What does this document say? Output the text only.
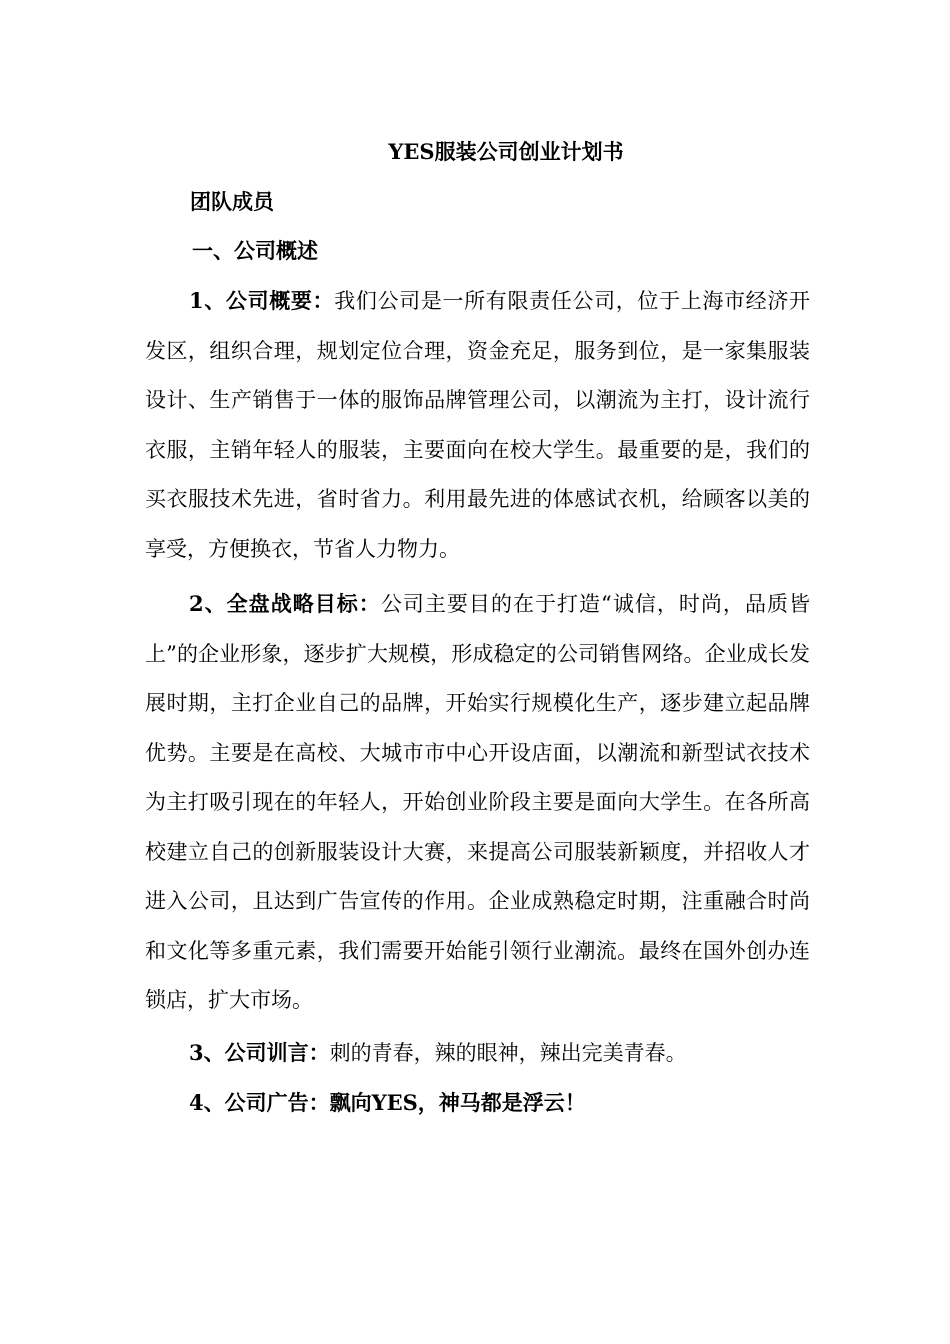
YES服装公司创业计划书
团队成员
一、公司概述

1、公司概要：我们公司是一所有限责任公司，位于上海市经济开发区，组织合理，规划定位合理，资金充足，服务到位，是一家集服装设计、生产销售于一体的服饰品牌管理公司，以潮流为主打，设计流行衣服，主销年轻人的服装，主要面向在校大学生。最重要的是，我们的买衣服技术先进，省时省力。利用最先进的体感试衣机，给顾客以美的享受，方便换衣，节省人力物力。

2、全盘战略目标：公司主要目的在于打造“诚信，时尚，品质皆上”的企业形象，逐步扩大规模，形成稳定的公司销售网络。企业成长发展时期，主打企业自己的品牌，开始实行规模化生产，逐步建立起品牌优势。主要是在高校、大城市市中心开设店面，以潮流和新型试衣技术为主打吸引现在的年轻人，开始创业阶段主要是面向大学生。在各所高校建立自己的创新服装设计大赛，来提高公司服装新颖度，并招收人才进入公司，且达到广告宣传的作用。企业成熟稳定时期，注重融合时尚和文化等多重元素，我们需要开始能引领行业潮流。最终在国外创办连锁店，扩大市场。

3、公司训言：刺的青春，辣的眼神，辣出完美青春。

4、公司广告：飘向YES，神马都是浮云！
